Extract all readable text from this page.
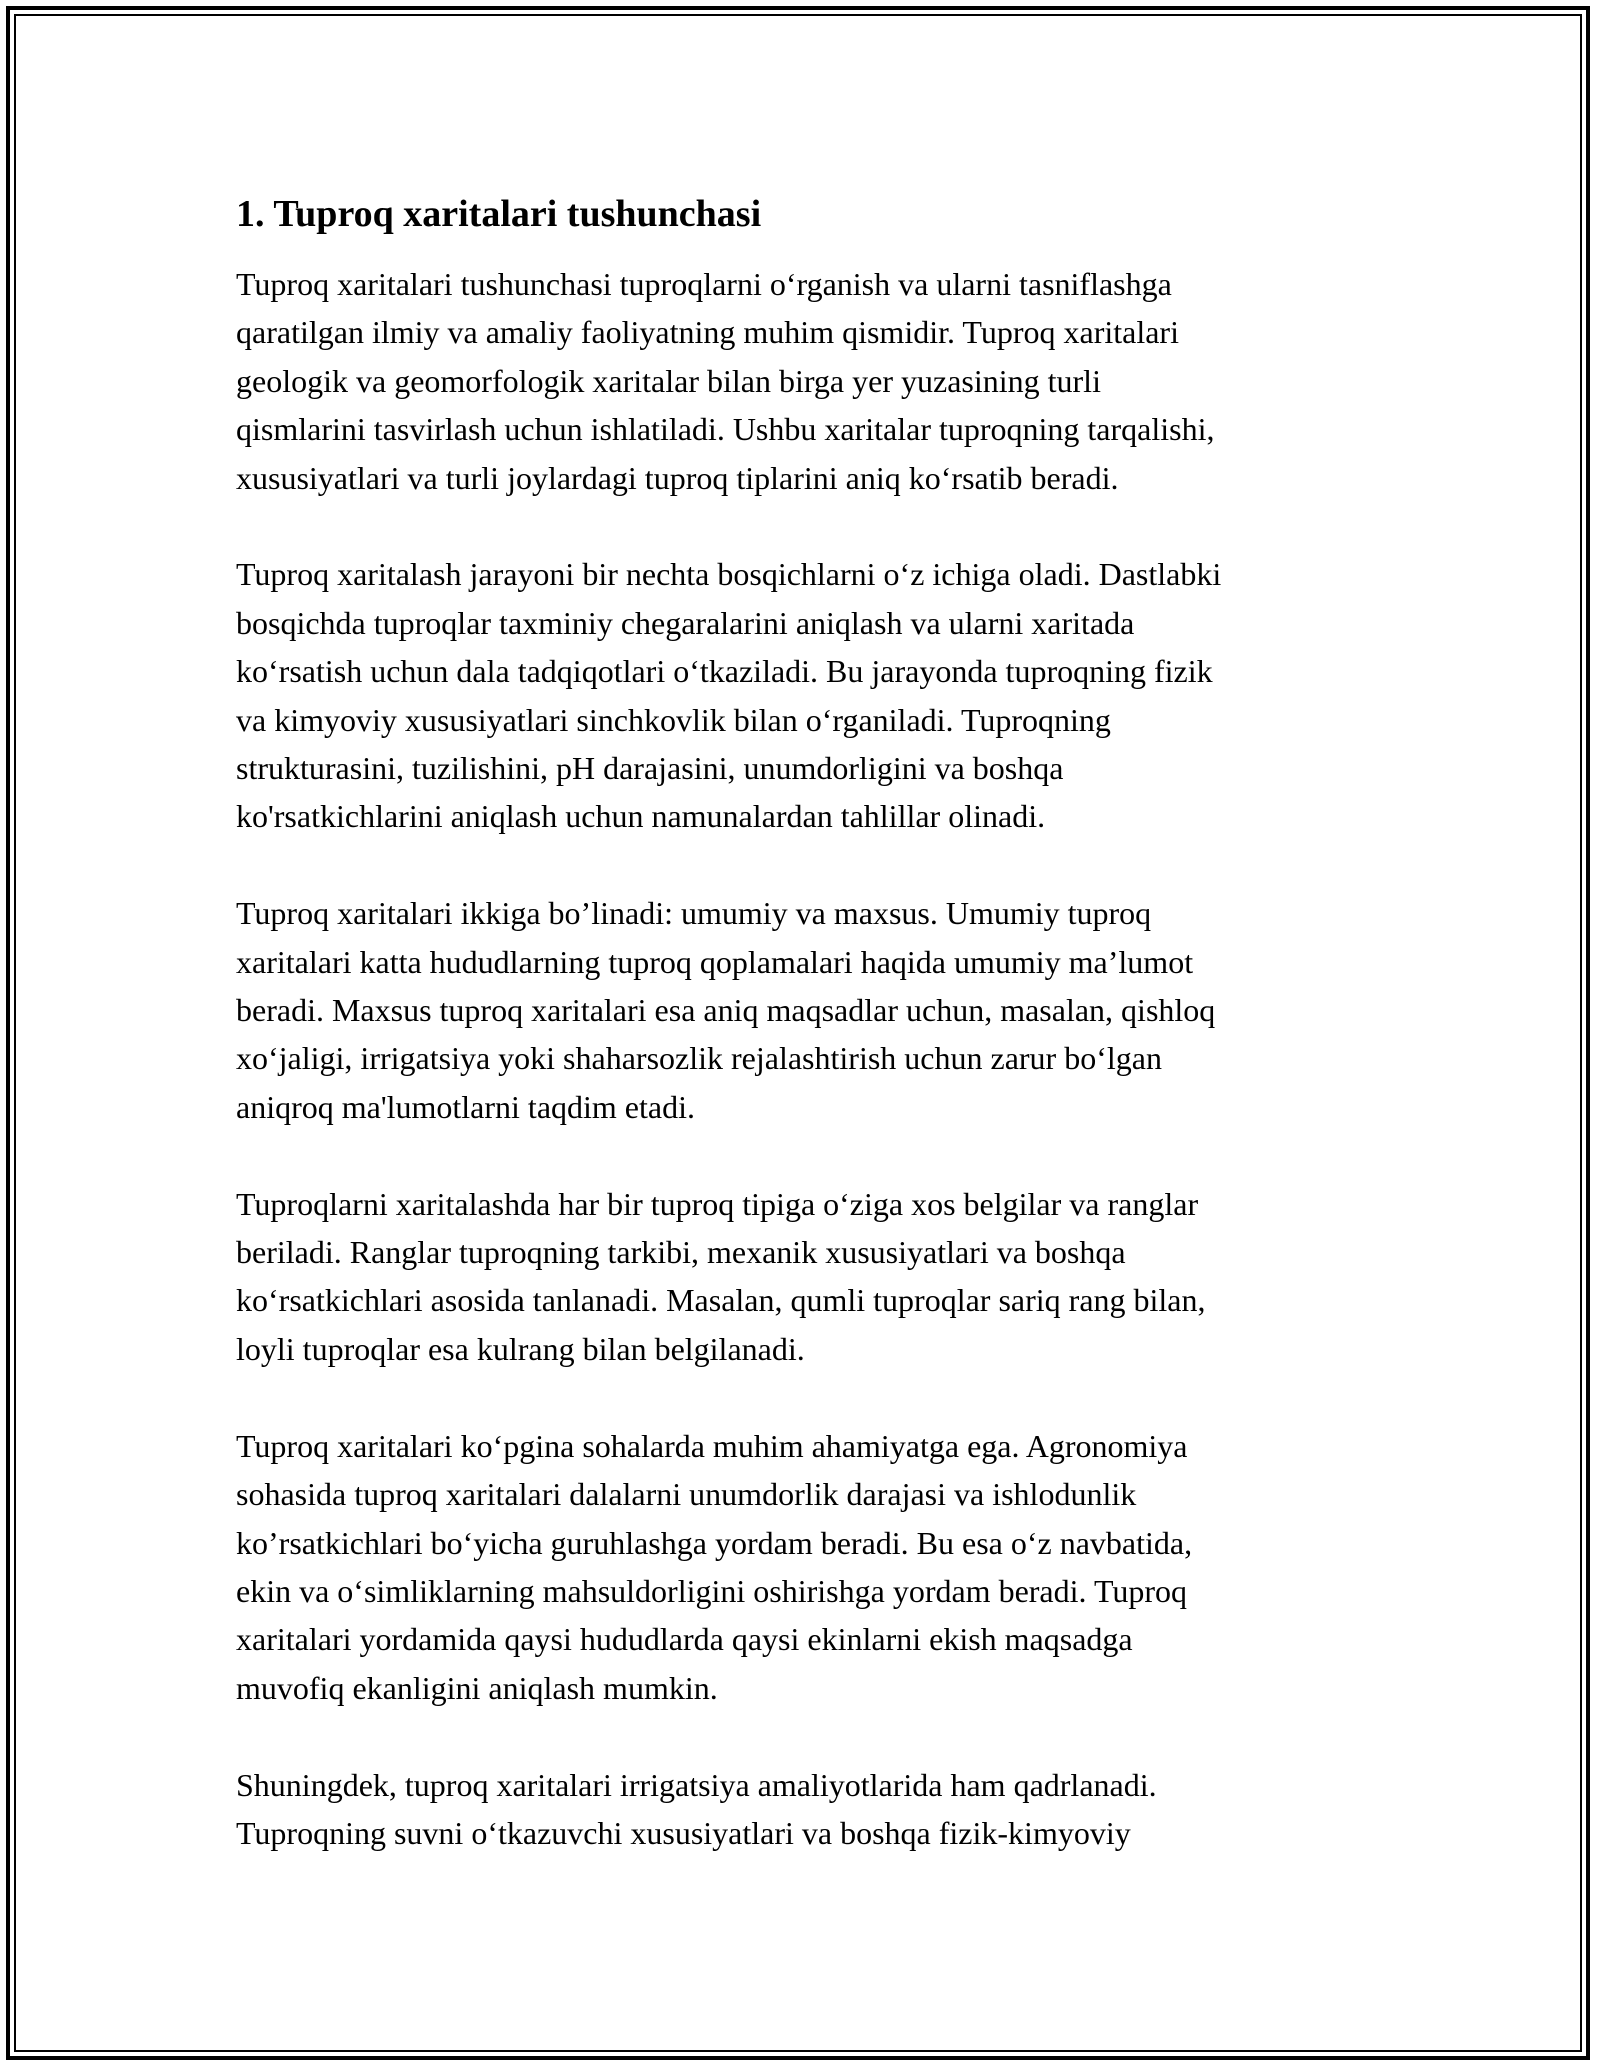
1. Tuproq xaritalari tushunchasi
Tuproq xaritalari tushunchasi tuproqlarni o‘rganish va ularni tasniflashga
qaratilgan ilmiy va amaliy faoliyatning muhim qismidir. Tuproq xaritalari
geologik va geomorfologik xaritalar bilan birga yer yuzasining turli
qismlarini tasvirlash uchun ishlatiladi. Ushbu xaritalar tuproqning tarqalishi,
xususiyatlari va turli joylardagi tuproq tiplarini aniq ko‘rsatib beradi.
Tuproq xaritalash jarayoni bir nechta bosqichlarni o‘z ichiga oladi. Dastlabki
bosqichda tuproqlar taxminiy chegaralarini aniqlash va ularni xaritada
ko‘rsatish uchun dala tadqiqotlari o‘tkaziladi. Bu jarayonda tuproqning fizik
va kimyoviy xususiyatlari sinchkovlik bilan o‘rganiladi. Tuproqning
strukturasini, tuzilishini, pH darajasini, unumdorligini va boshqa
ko'rsatkichlarini aniqlash uchun namunalardan tahlillar olinadi.
Tuproq xaritalari ikkiga bo’linadi: umumiy va maxsus. Umumiy tuproq
xaritalari katta hududlarning tuproq qoplamalari haqida umumiy ma’lumot
beradi. Maxsus tuproq xaritalari esa aniq maqsadlar uchun, masalan, qishloq
xo‘jaligi, irrigatsiya yoki shaharsozlik rejalashtirish uchun zarur bo‘lgan
aniqroq ma'lumotlarni taqdim etadi.
Tuproqlarni xaritalashda har bir tuproq tipiga o‘ziga xos belgilar va ranglar
beriladi. Ranglar tuproqning tarkibi, mexanik xususiyatlari va boshqa
ko‘rsatkichlari asosida tanlanadi. Masalan, qumli tuproqlar sariq rang bilan,
loyli tuproqlar esa kulrang bilan belgilanadi.
Tuproq xaritalari ko‘pgina sohalarda muhim ahamiyatga ega. Agronomiya
sohasida tuproq xaritalari dalalarni unumdorlik darajasi va ishlodunlik
ko’rsatkichlari bo‘yicha guruhlashga yordam beradi. Bu esa o‘z navbatida,
ekin va o‘simliklarning mahsuldorligini oshirishga yordam beradi. Tuproq
xaritalari yordamida qaysi hududlarda qaysi ekinlarni ekish maqsadga
muvofiq ekanligini aniqlash mumkin.
Shuningdek, tuproq xaritalari irrigatsiya amaliyotlarida ham qadrlanadi.
Tuproqning suvni o‘tkazuvchi xususiyatlari va boshqa fizik-kimyoviy
